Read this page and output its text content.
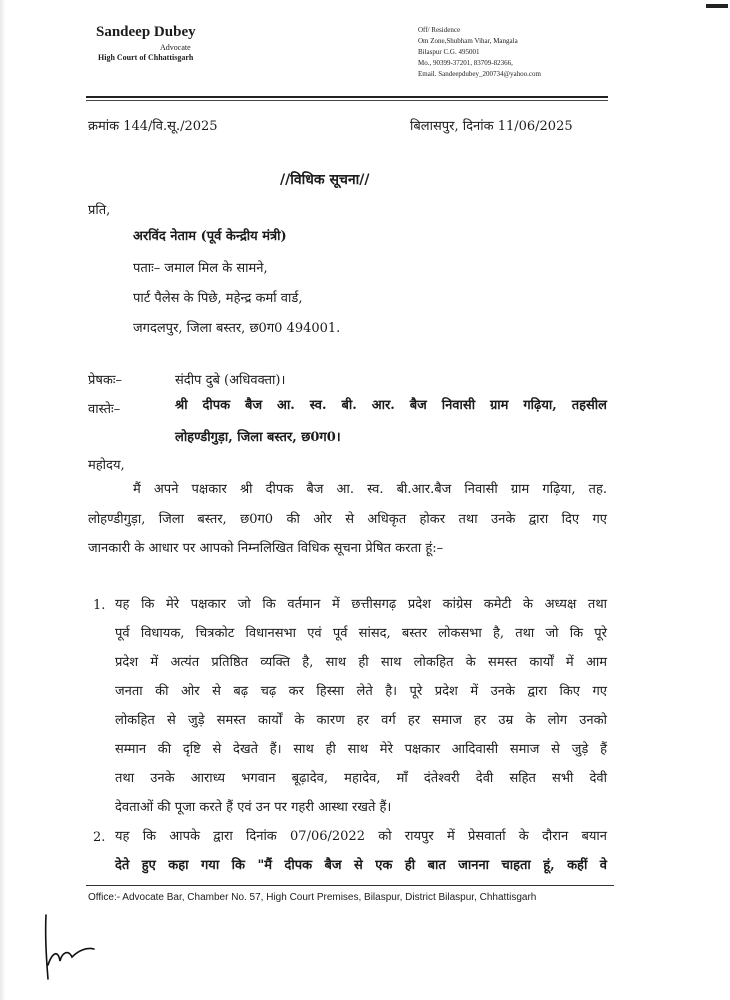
Sandeep Dubey
Advocate
High Court of Chhattisgarh
Off/ Residence
Om Zone,Shubham Vihar, Mangala
Bilaspur C.G. 495001
Mo., 90399-37201, 83709-82366,
Email. Sandeepdubey_200734@yahoo.com
क्रमांक 144/वि.सू./2025	बिलासपुर, दिनांक 11/06/2025
//विधिक सूचना//
प्रति,
अरविंद नेताम (पूर्व केन्द्रीय मंत्री)
पताः– जमाल मिल के सामने,
पार्ट पैलेस के पिछे, महेन्द्र कर्मा वार्ड,
जगदलपुर, जिला बस्तर, छ0ग0 494001.
प्रेषकः–	संदीप दुबे (अधिवक्ता)।
वास्तेः–	श्री दीपक बैज आ. स्व. बी. आर. बैज निवासी ग्राम गढ़िया, तहसील
लोहण्डीगुड़ा, जिला बस्तर, छ0ग0।
महोदय,
मैं अपने पक्षकार श्री दीपक बैज आ. स्व. बी.आर.बैज निवासी ग्राम गढ़िया, तह.
लोहण्डीगुड़ा, जिला बस्तर, छ0ग0 की ओर से अधिकृत होकर तथा उनके द्वारा दिए गए
जानकारी के आधार पर आपको निम्नलिखित विधिक सूचना प्रेषित करता हूं:–
1. यह कि मेरे पक्षकार जो कि वर्तमान में छत्तीसगढ़ प्रदेश कांग्रेस कमेटी के अध्यक्ष तथा
पूर्व विधायक, चित्रकोट विधानसभा एवं पूर्व सांसद, बस्तर लोकसभा है, तथा जो कि पूरे
प्रदेश में अत्यंत प्रतिष्ठित व्यक्ति है, साथ ही साथ लोकहित के समस्त कार्यों में आम
जनता की ओर से बढ़ चढ़ कर हिस्सा लेते है। पूरे प्रदेश में उनके द्वारा किए गए
लोकहित से जुड़े समस्त कार्यों के कारण हर वर्ग हर समाज हर उम्र के लोग उनको
सम्मान की दृष्टि से देखते हैं। साथ ही साथ मेरे पक्षकार आदिवासी समाज से जुड़े हैं
तथा उनके आराध्य भगवान बूढ़ादेव, महादेव, माँ दंतेश्वरी देवी सहित सभी देवी
देवताओं की पूजा करते हैं एवं उन पर गहरी आस्था रखते हैं।
2. यह कि आपके द्वारा दिनांक 07/06/2022 को रायपुर में प्रेसवार्ता के दौरान बयान
देते हुए कहा गया कि "मैं दीपक बैज से एक ही बात जानना चाहता हूं, कहीं वे
Office:- Advocate Bar, Chamber No. 57, High Court Premises, Bilaspur, District Bilaspur, Chhattisgarh
